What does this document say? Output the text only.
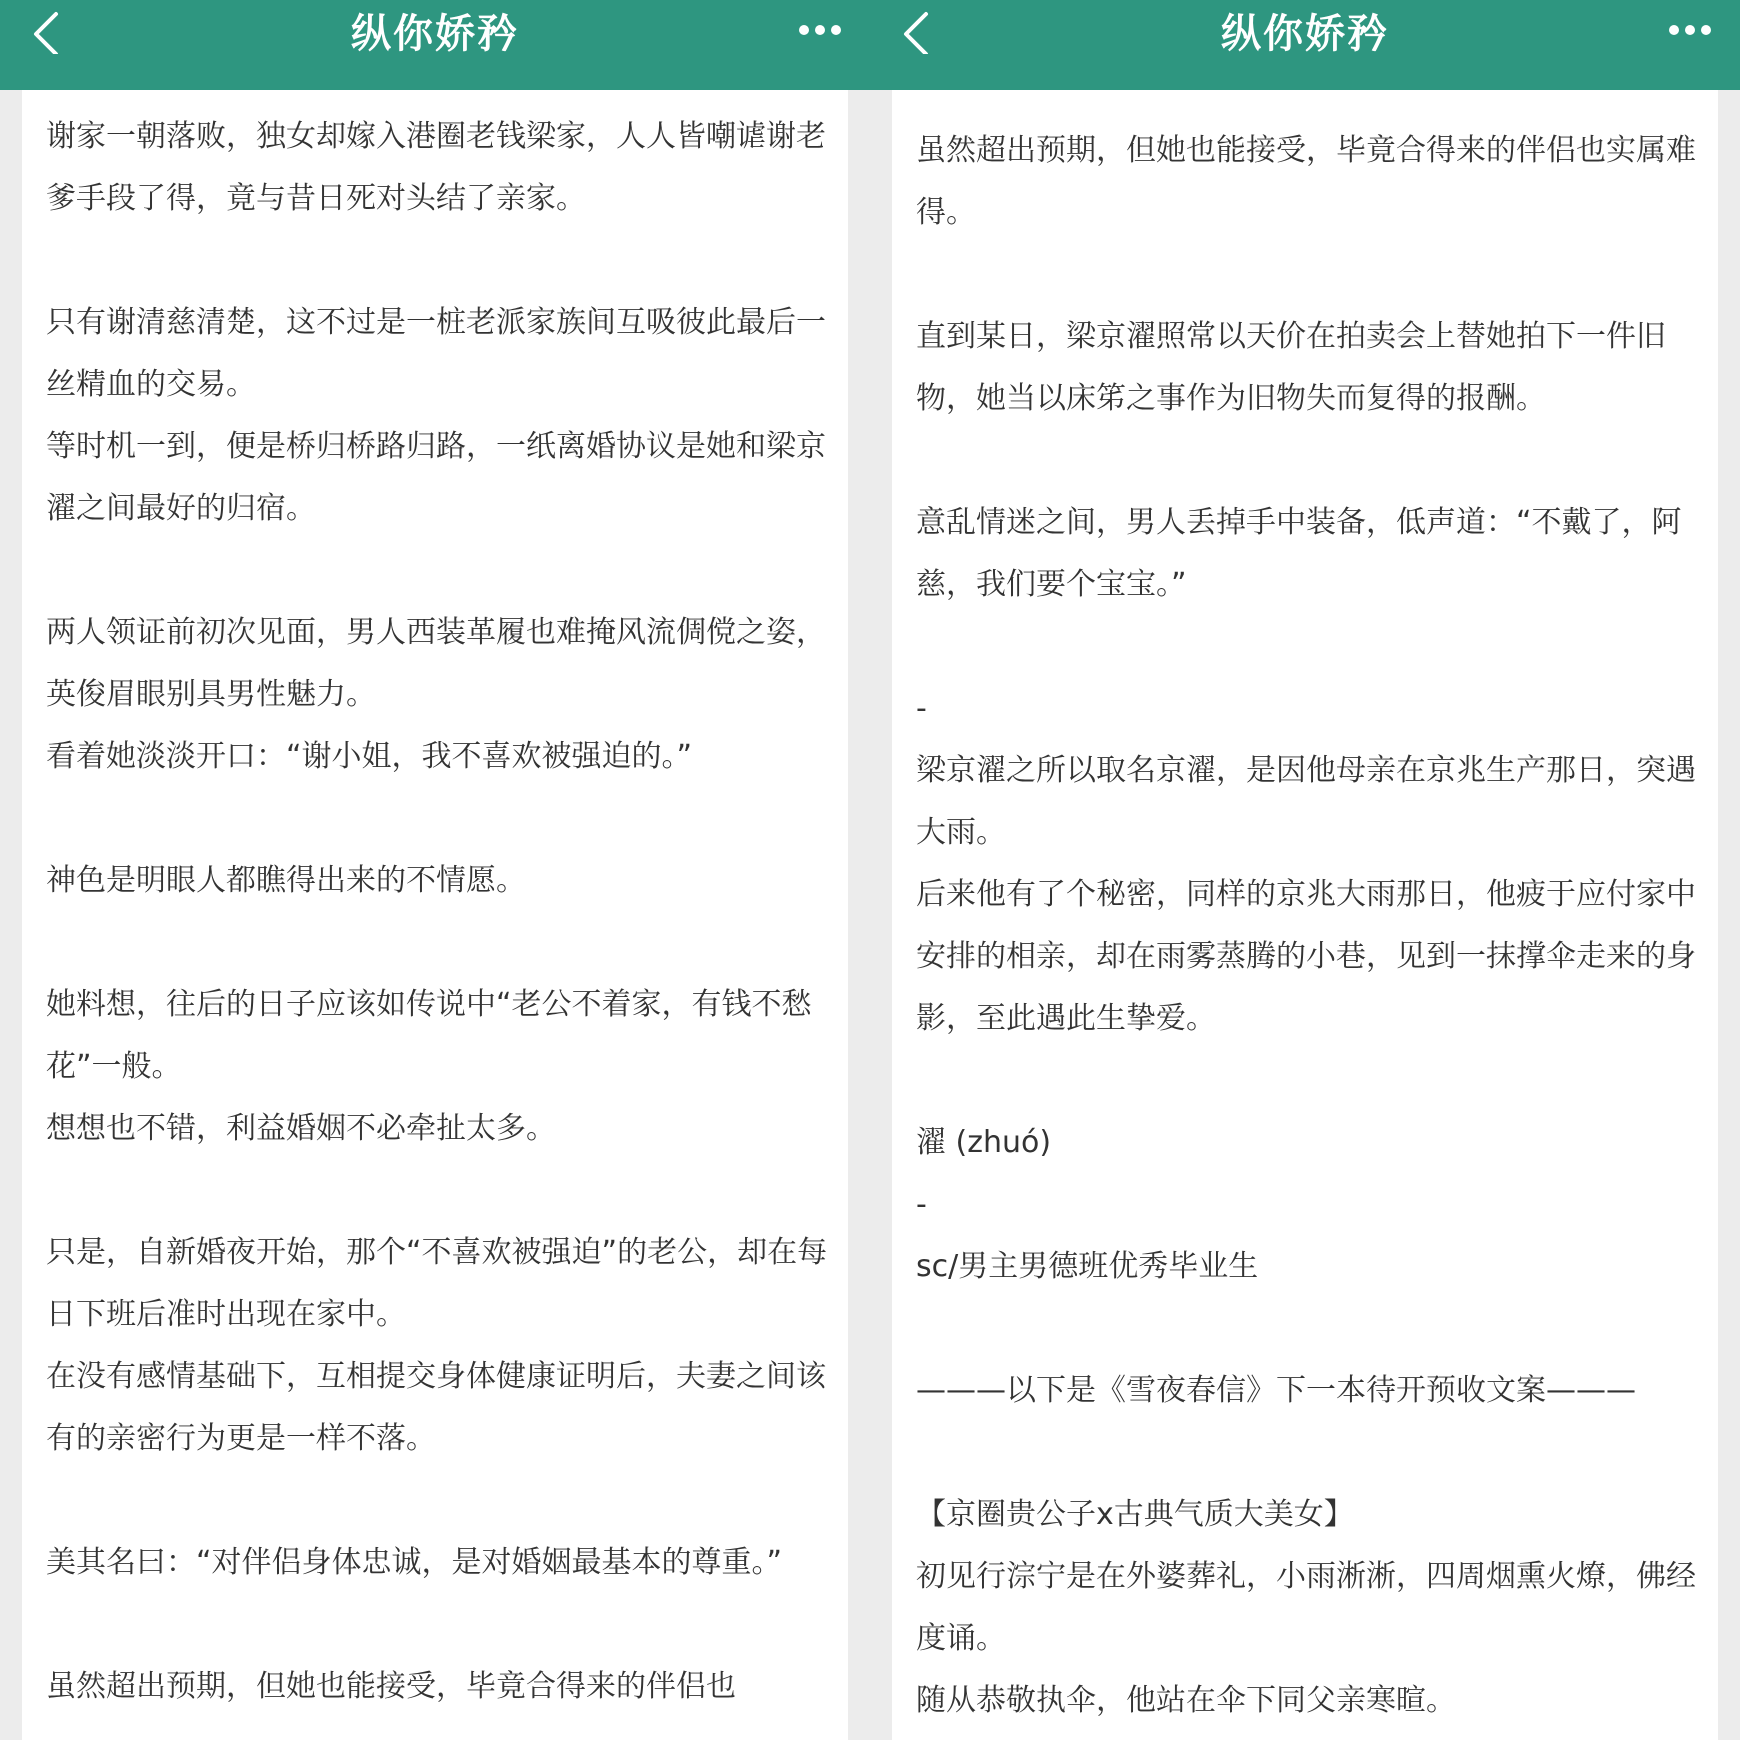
纵你娇矜

谢家一朝落败，独女却嫁入港圈老钱梁家，人人皆嘲谑谢老爹手段了得，竟与昔日死对头结了亲家。

只有谢清慈清楚，这不过是一桩老派家族间互吸彼此最后一丝精血的交易。

等时机一到，便是桥归桥路归路，一纸离婚协议是她和梁京濯之间最好的归宿。

两人领证前初次见面，男人西装革履也难掩风流倜傥之姿，英俊眉眼别具男性魅力。

看着她淡淡开口：“谢小姐，我不喜欢被强迫的。”

神色是明眼人都瞧得出来的不情愿。

她料想，往后的日子应该如传说中“老公不着家，有钱不愁花”一般。

想想也不错，利益婚姻不必牵扯太多。

只是，自新婚夜开始，那个“不喜欢被强迫”的老公，却在每日下班后准时出现在家中。

在没有感情基础下，互相提交身体健康证明后，夫妻之间该有的亲密行为更是一样不落。

美其名曰：“对伴侣身体忠诚，是对婚姻最基本的尊重。”

虽然超出预期，但她也能接受，毕竟合得来的伴侣也

纵你娇矜

虽然超出预期，但她也能接受，毕竟合得来的伴侣也实属难得。

直到某日，梁京濯照常以天价在拍卖会上替她拍下一件旧物，她当以床笫之事作为旧物失而复得的报酬。

意乱情迷之间，男人丢掉手中装备，低声道：“不戴了，阿慈，我们要个宝宝。”

-

梁京濯之所以取名京濯，是因他母亲在京兆生产那日，突遇大雨。

后来他有了个秘密，同样的京兆大雨那日，他疲于应付家中安排的相亲，却在雨雾蒸腾的小巷，见到一抹撑伞走来的身影，至此遇此生挚爱。

濯 (zhuó)

-

sc/男主男德班优秀毕业生

———以下是《雪夜春信》下一本待开预收文案———

【京圈贵公子x古典气质大美女】

初见行淙宁是在外婆葬礼，小雨淅淅，四周烟熏火燎，佛经度诵。

随从恭敬执伞，他站在伞下同父亲寒暄。
